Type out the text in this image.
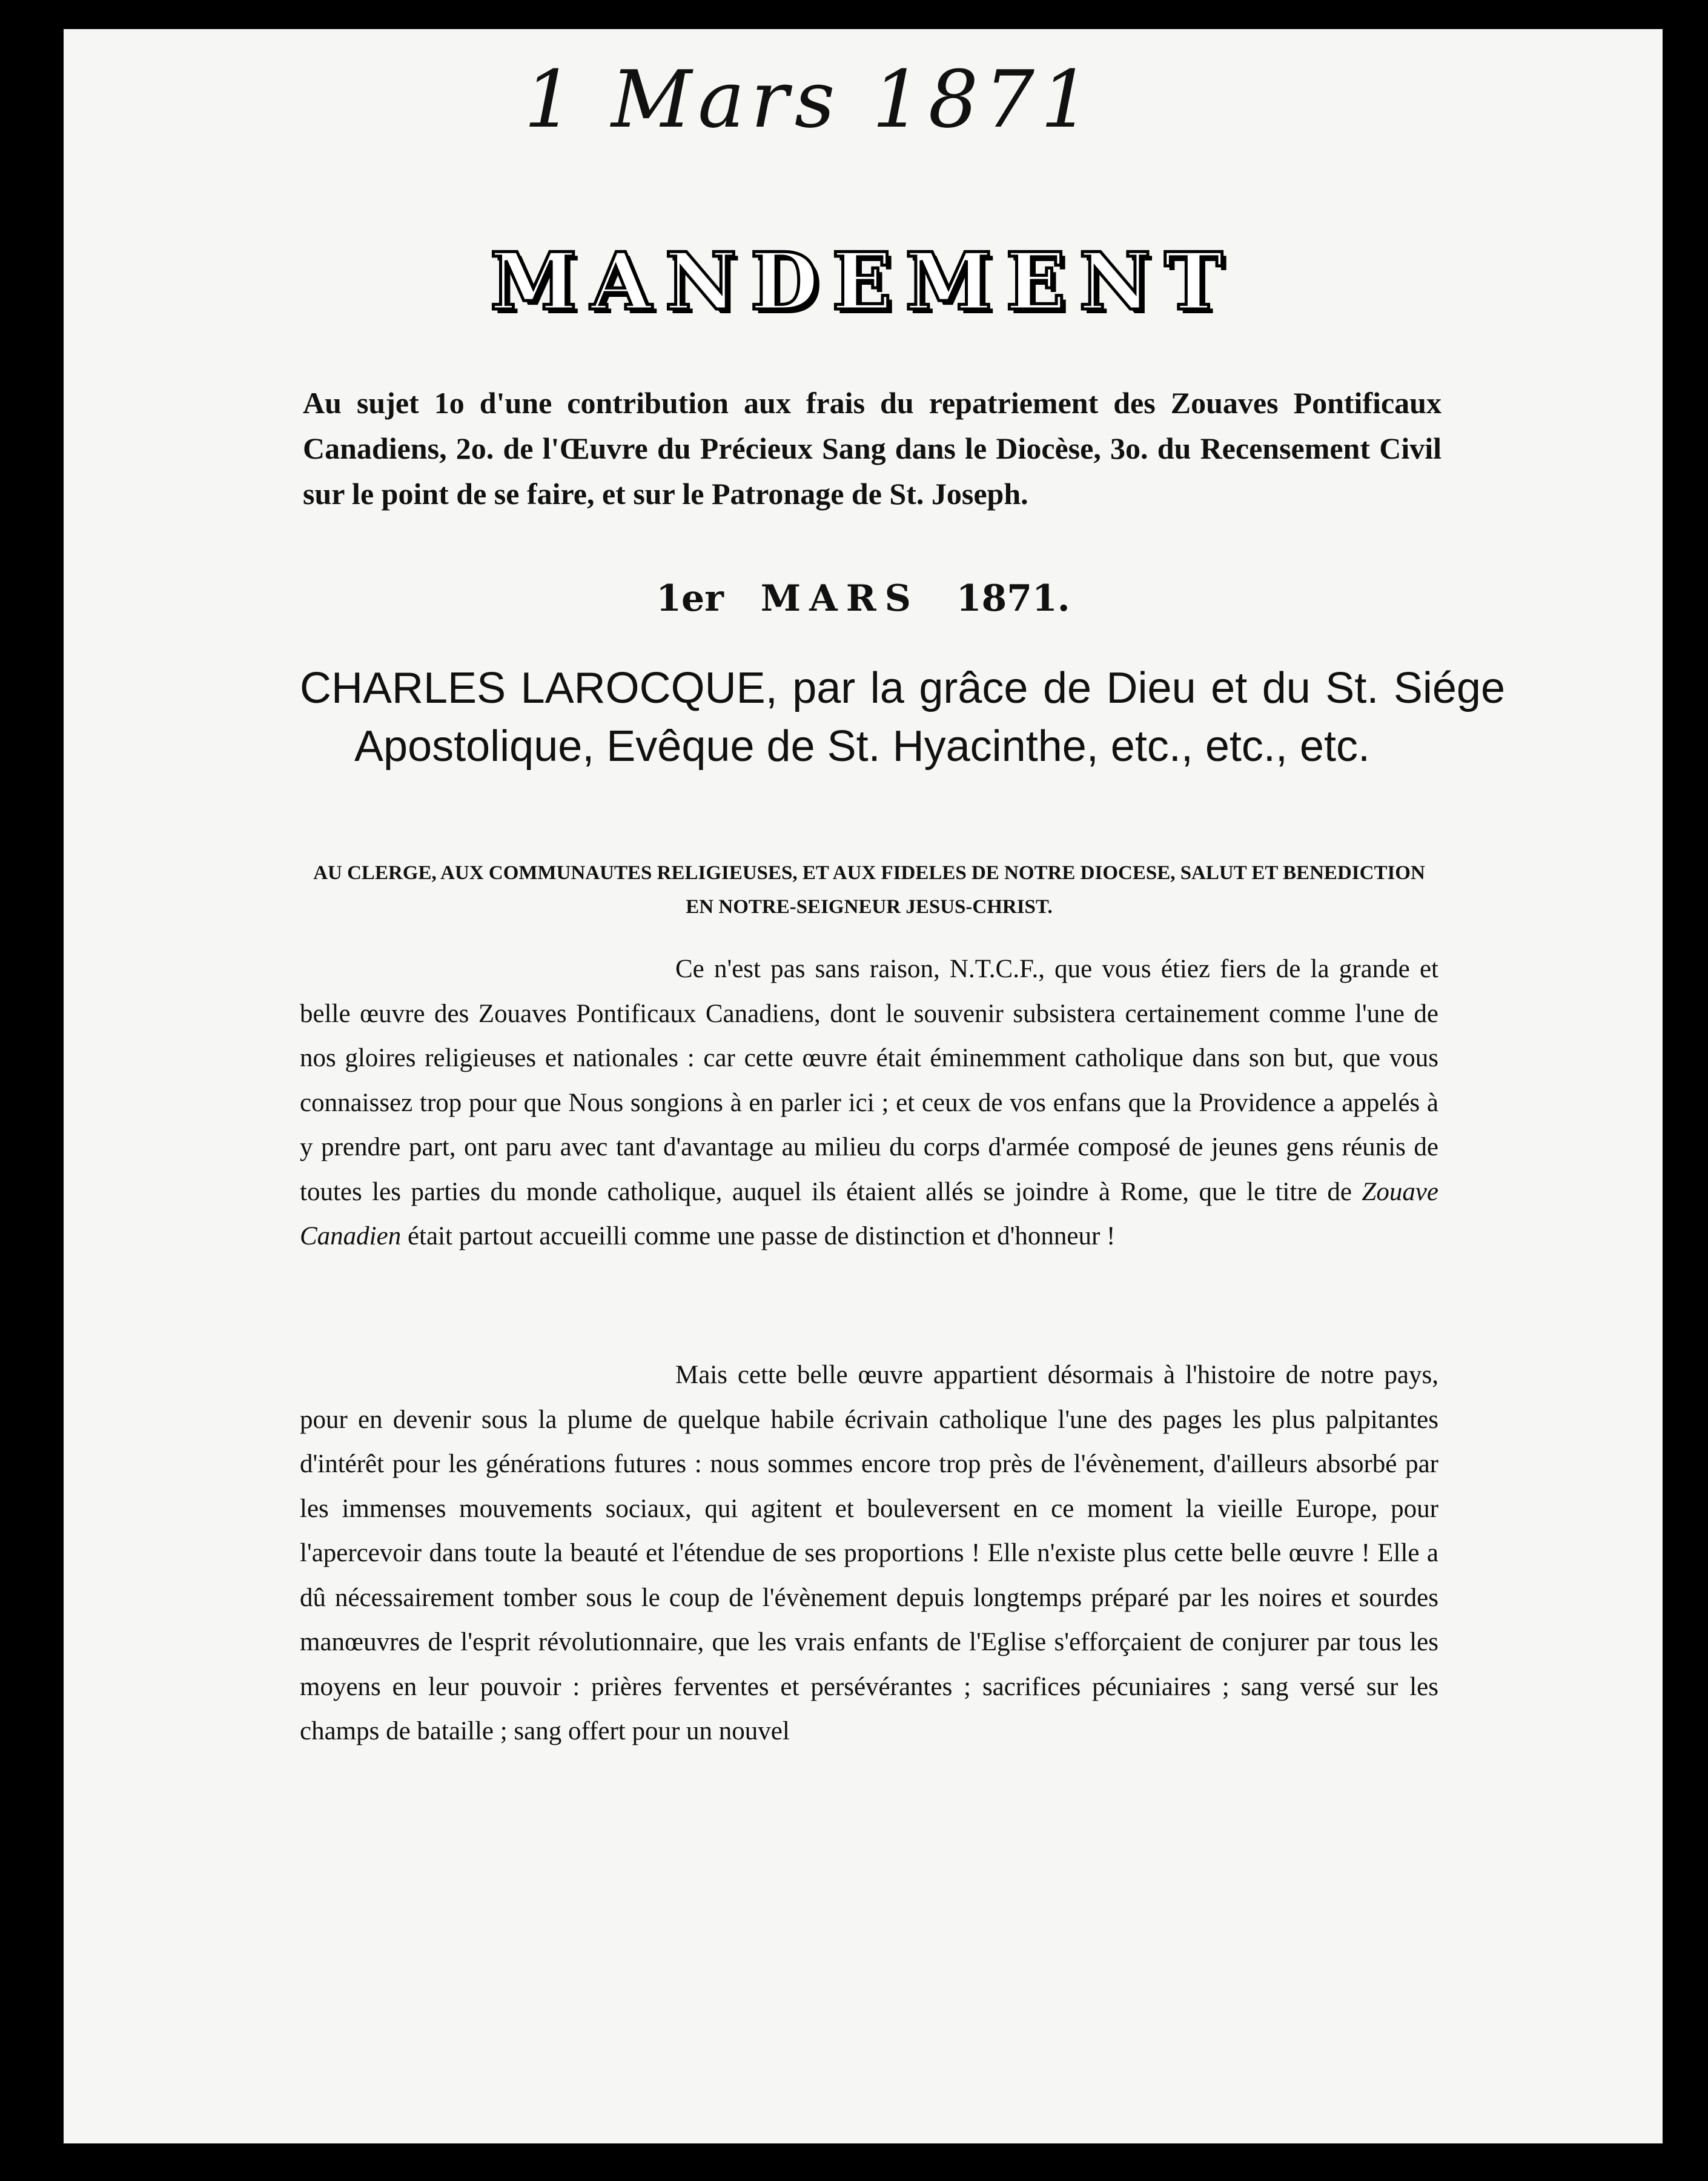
1 Mars 1871
MANDEMENT
Au sujet 1o d'une contribution aux frais du repatriement des Zouaves Pontificaux Canadiens, 2o. de l'Œuvre du Précieux Sang dans le Diocèse, 3o. du Recensement Civil sur le point de se faire, et sur le Patronage de St. Joseph.
1er MARS 1871.
CHARLES LAROCQUE, par la grâce de Dieu et du St. Siége Apostolique, Evêque de St. Hyacinthe, etc., etc., etc.
AU CLERGE, AUX COMMUNAUTES RELIGIEUSES, ET AUX FIDELES DE NOTRE DIOCESE, SALUT ET BENEDICTION EN NOTRE-SEIGNEUR JESUS-CHRIST.
Ce n'est pas sans raison, N.T.C.F., que vous étiez fiers de la grande et belle œuvre des Zouaves Pontificaux Canadiens, dont le souvenir subsistera certainement comme l'une de nos gloires religieuses et nationales : car cette œuvre était éminemment catholique dans son but, que vous connaissez trop pour que Nous songions à en parler ici ; et ceux de vos enfans que la Providence a appelés à y prendre part, ont paru avec tant d'avantage au milieu du corps d'armée composé de jeunes gens réunis de toutes les parties du monde catholique, auquel ils étaient allés se joindre à Rome, que le titre de Zouave Canadien était partout accueilli comme une passe de distinction et d'honneur !
Mais cette belle œuvre appartient désormais à l'histoire de notre pays, pour en devenir sous la plume de quelque habile écrivain catholique l'une des pages les plus palpitantes d'intérêt pour les générations futures : nous sommes encore trop près de l'évènement, d'ailleurs absorbé par les immenses mouvements sociaux, qui agitent et bouleversent en ce moment la vieille Europe, pour l'apercevoir dans toute la beauté et l'étendue de ses proportions ! Elle n'existe plus cette belle œuvre ! Elle a dû nécessairement tomber sous le coup de l'évènement depuis longtemps préparé par les noires et sourdes manœuvres de l'esprit révolutionnaire, que les vrais enfants de l'Eglise s'efforçaient de conjurer par tous les moyens en leur pouvoir : prières ferventes et persévérantes ; sacrifices pécuniaires ; sang versé sur les champs de bataille ; sang offert pour un nouvel
